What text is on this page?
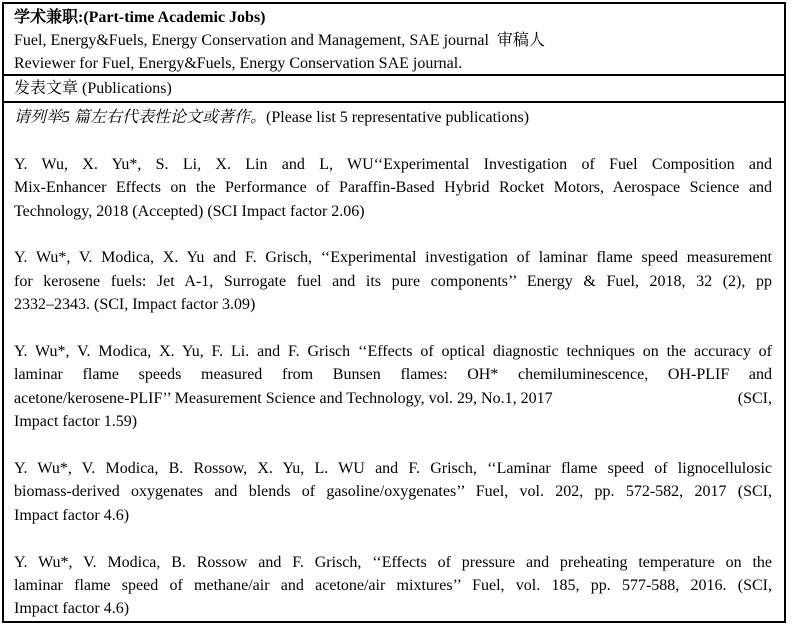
学术兼职:(Part-time Academic Jobs)
Fuel, Energy&Fuels, Energy Conservation and Management, SAE journal  审稿人
Reviewer for Fuel, Energy&Fuels, Energy Conservation SAE journal.
发表文章 (Publications)
请列举5 篇左右代表性论文或著作。(Please list 5 representative publications)
Y. Wu, X. Yu*, S. Li, X. Lin and L, WU‘‘Experimental Investigation of Fuel Composition and
Mix-Enhancer Effects on the Performance of Paraffin-Based Hybrid Rocket Motors, Aerospace Science and
Technology, 2018 (Accepted) (SCI Impact factor 2.06)
Y. Wu*, V. Modica, X. Yu and F. Grisch, ‘‘Experimental investigation of laminar flame speed measurement
for kerosene fuels: Jet A-1, Surrogate fuel and its pure components’’ Energy & Fuel, 2018, 32 (2), pp
2332–2343. (SCI, Impact factor 3.09)
Y. Wu*, V. Modica, X. Yu, F. Li. and F. Grisch ‘‘Effects of optical diagnostic techniques on the accuracy of
laminar flame speeds measured from Bunsen flames: OH* chemiluminescence, OH-PLIF and
acetone/kerosene-PLIF’’ Measurement Science and Technology, vol. 29, No.1, 2017	(SCI,
Impact factor 1.59)
Y. Wu*, V. Modica, B. Rossow, X. Yu, L. WU and F. Grisch, ‘‘Laminar flame speed of lignocellulosic
biomass-derived oxygenates and blends of gasoline/oxygenates’’ Fuel, vol. 202, pp. 572-582, 2017 (SCI,
Impact factor 4.6)
Y. Wu*, V. Modica, B. Rossow and F. Grisch, ‘‘Effects of pressure and preheating temperature on the
laminar flame speed of methane/air and acetone/air mixtures’’ Fuel, vol. 185, pp. 577-588, 2016. (SCI,
Impact factor 4.6)
